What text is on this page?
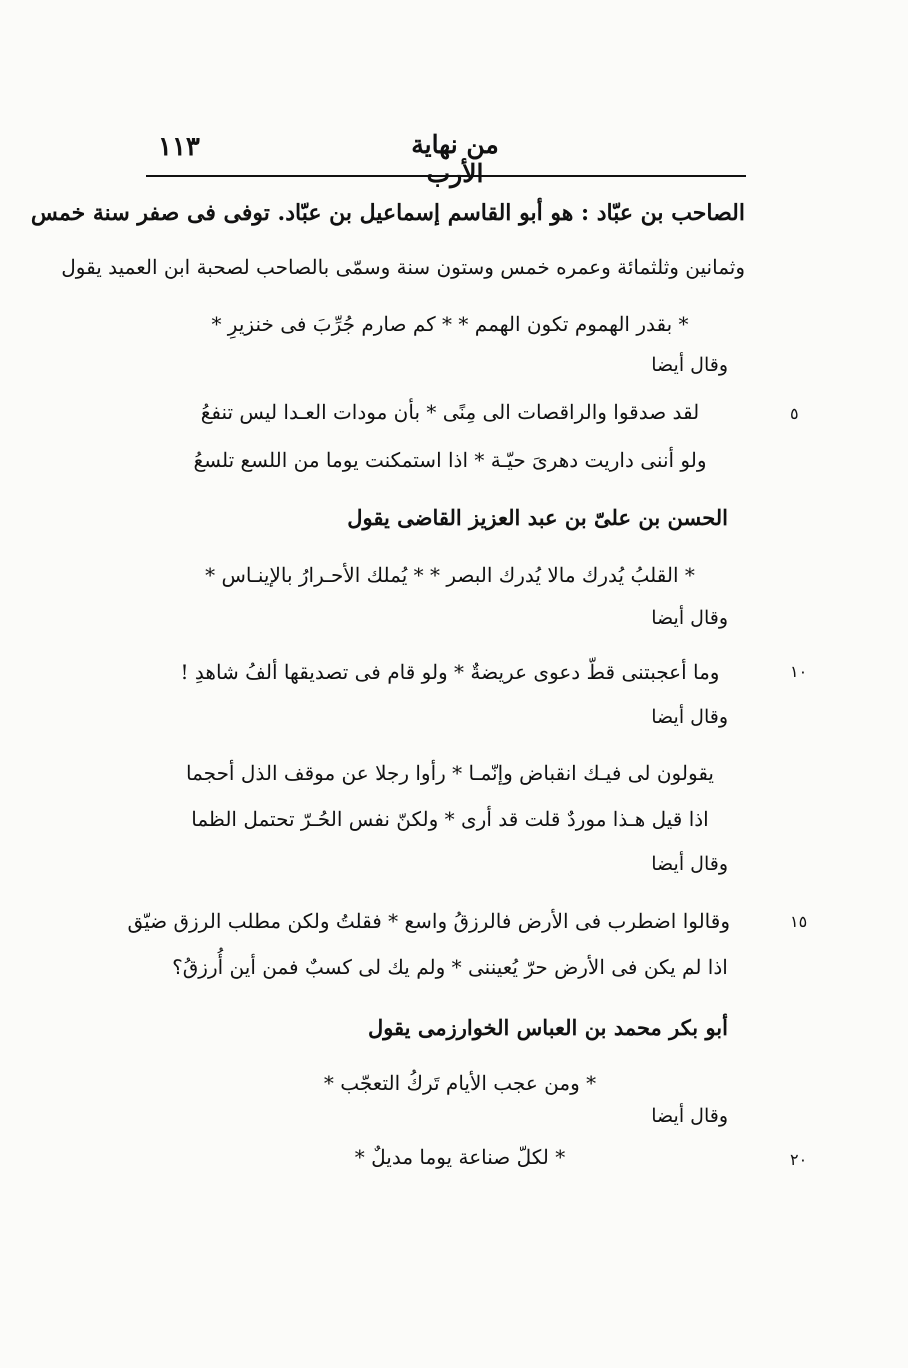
١١٣	من نهاية الأرب
الصاحب بن عبّاد : هو أبو القاسم إسماعيل بن عبّاد. توفى فى صفر سنة خمس
وثمانين وثلثمائة وعمره خمس وستون سنة وسمّى بالصاحب لصحبة ابن العميد يقول
* بقدر الهموم تكون الهمم * * كم صارم جُرِّبَ فى خنزيرِ *
وقال أيضا
لقد صدقوا والراقصات الى مِنًى * بأن مودات العـدا ليس تنفعُ
ولو أننى داريت دهرىَ حيّـة * اذا استمكنت يوما من اللسع تلسعُ
الحسن بن علىّ بن عبد العزيز القاضى يقول
* القلبُ يُدرك مالا يُدرك البصر * * يُملك الأحـرارُ بالإينـاس *
وقال أيضا
وما أعجبتنى قطّ دعوى عريضةٌ * ولو قام فى تصديقها ألفُ شاهدِ !
وقال أيضا
يقولون لى فيـك انقباض وإنّمـا * رأوا رجلا عن موقف الذل أحجما
اذا قيل هـذا موردٌ قلت قد أرى * ولكنّ نفس الحُـرّ تحتمل الظما
وقال أيضا
وقالوا اضطرب فى الأرض فالرزقُ واسع * فقلتُ ولكن مطلب الرزق ضيّق
اذا لم يكن فى الأرض حرّ يُعيننى * ولم يك لى كسبٌ فمن أين أُرزقُ؟
أبو بكر محمد بن العباس الخوارزمى يقول
* ومن عجب الأيام تَركُ التعجّب *
وقال أيضا
* لكلّ صناعة يوما مديلٌ *
٥
١٠
١٥
٢٠
